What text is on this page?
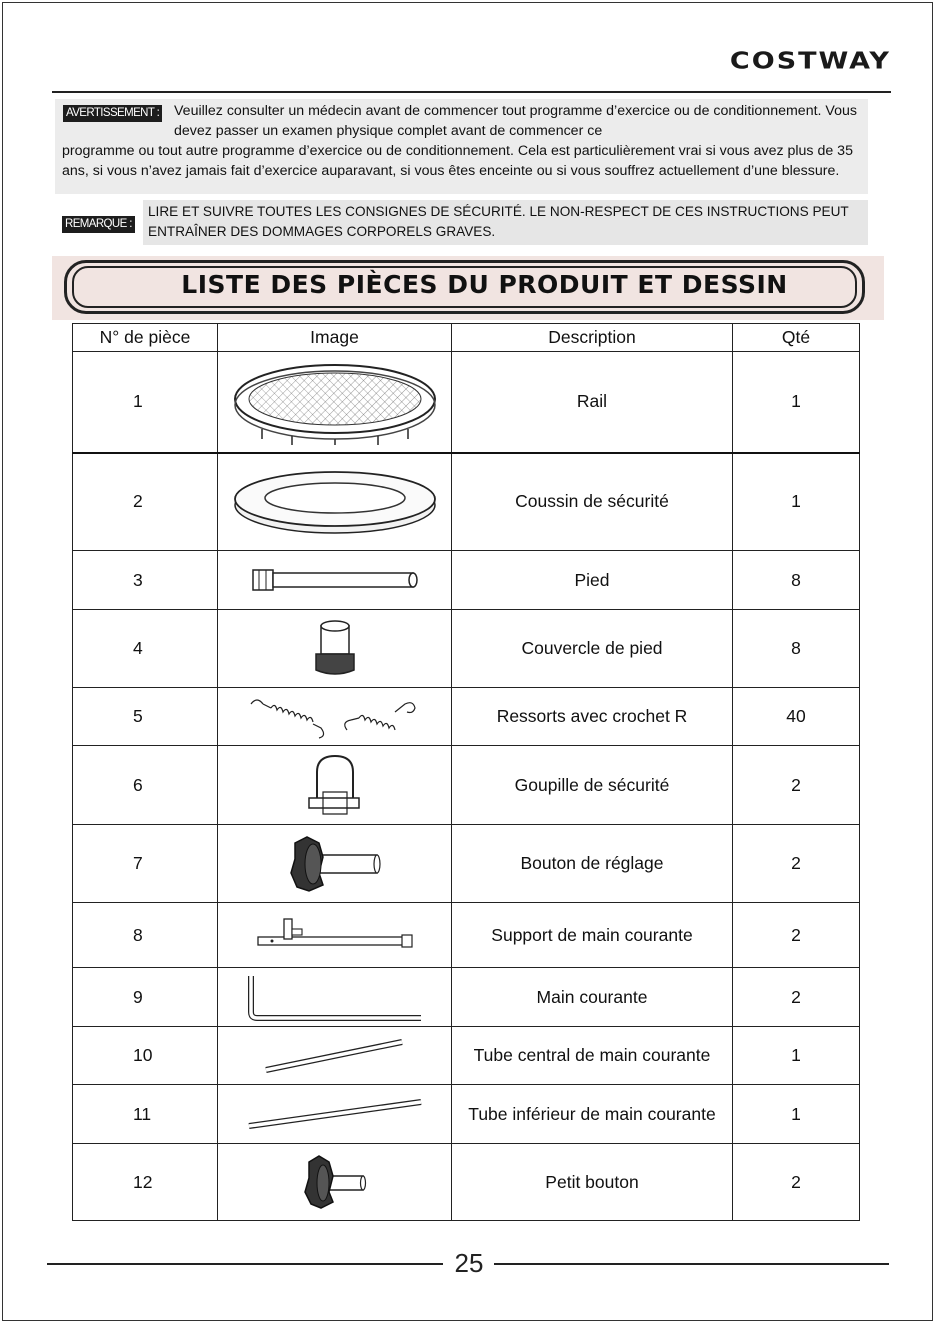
COSTWAY
AVERTISSEMENT : Veuillez consulter un médecin avant de commencer tout programme d’exercice ou de conditionnement. Vous devez passer un examen physique complet avant de commencer ce
programme ou tout autre programme d’exercice ou de conditionnement. Cela est particulièrement vrai si vous avez plus de 35 ans, si vous n’avez jamais fait d’exercice auparavant, si vous êtes enceinte ou si vous souffrez actuellement d’une blessure.
REMARQUE :
LIRE ET SUIVRE TOUTES LES CONSIGNES DE SÉCURITÉ. LE NON-RESPECT DE CES INSTRUCTIONS PEUT ENTRAÎNER DES DOMMAGES CORPORELS GRAVES.
LISTE DES PIÈCES DU PRODUIT ET DESSIN
N° de pièce	Image	Description	Qté
1		Rail	1
2		Coussin de sécurité	1
3		Pied	8
4		Couvercle de pied	8
5		Ressorts avec crochet R	40
6		Goupille de sécurité	2
7		Bouton de réglage	2
8		Support de main courante	2
9		Main courante	2
10		Tube central de main courante	1
11		Tube inférieur de main courante	1
12		Petit bouton	2
25
